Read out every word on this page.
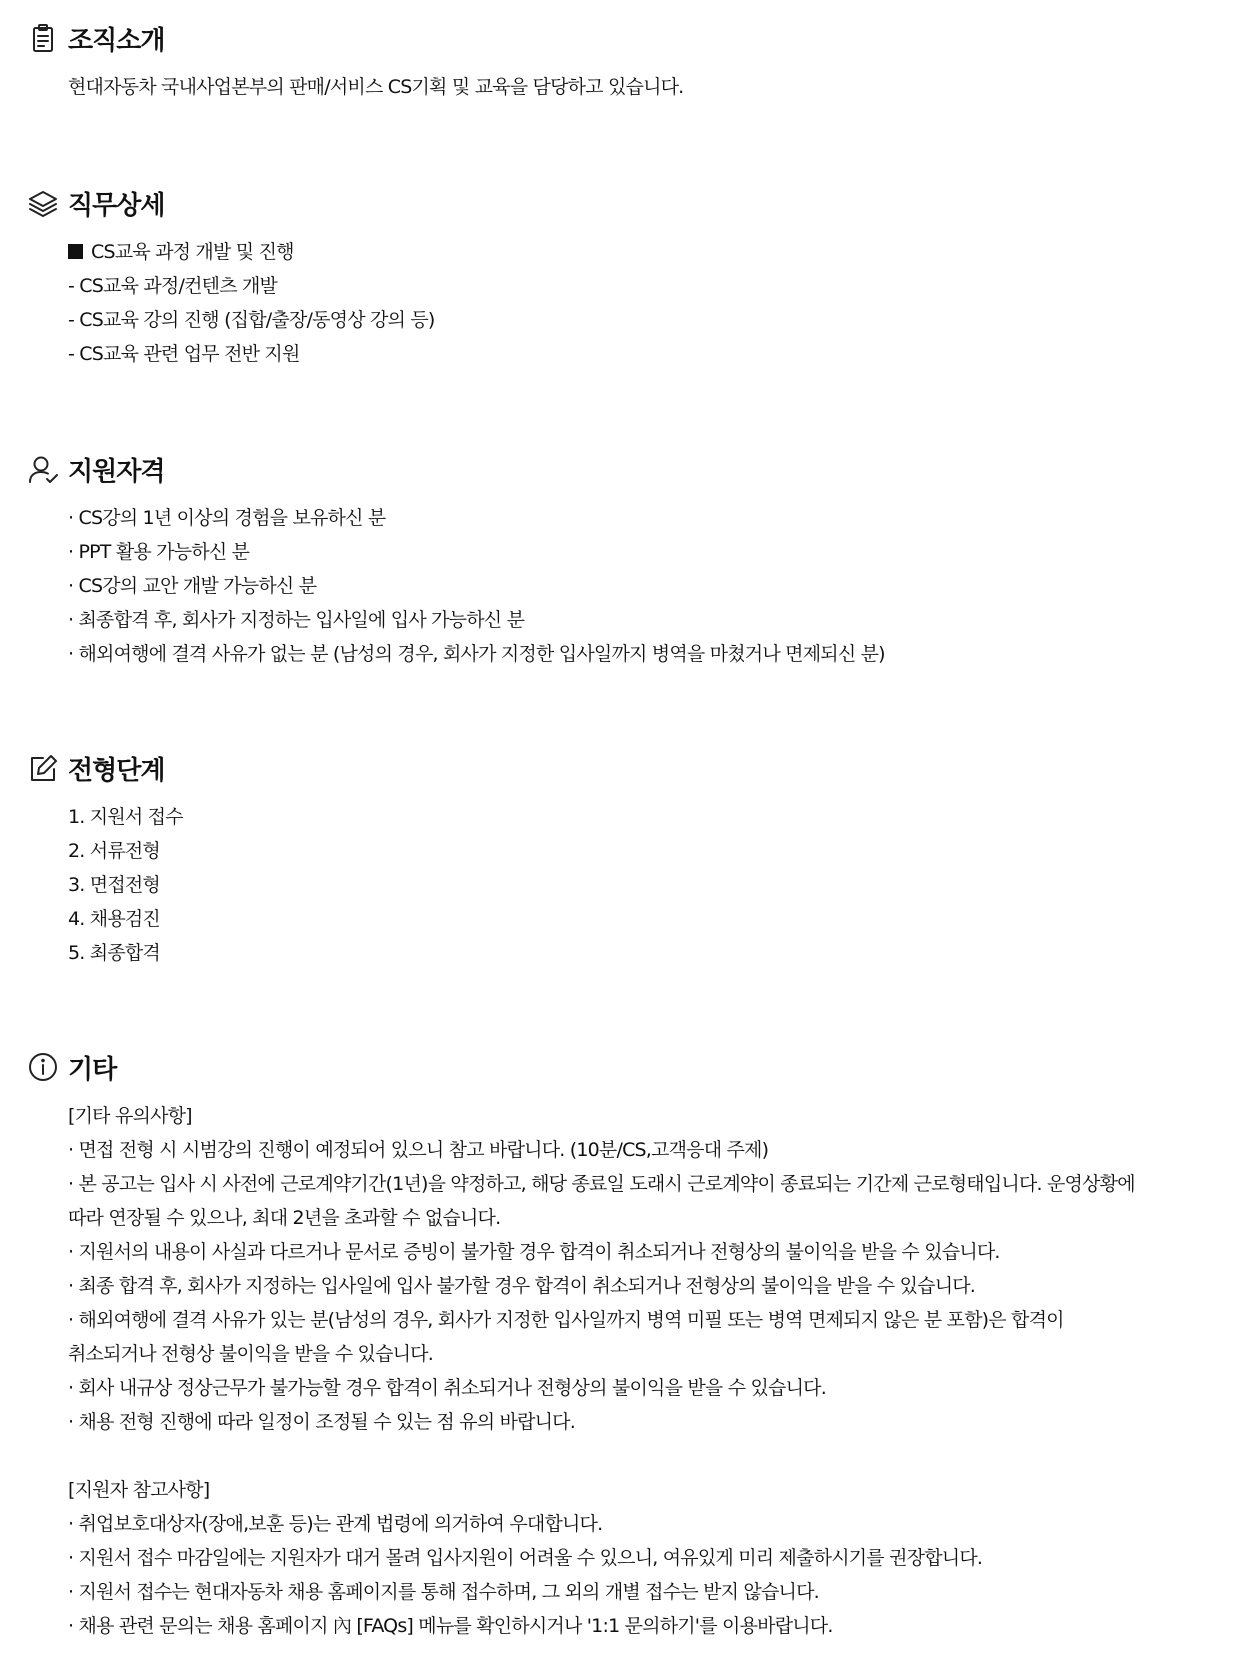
조직소개

현대자동차 국내사업본부의 판매/서비스 CS기획 및 교육을 담당하고 있습니다.

직무상세

CS교육 과정 개발 및 진행

- CS교육 과정/컨텐츠 개발

- CS교육 강의 진행 (집합/출장/동영상 강의 등)

- CS교육 관련 업무 전반 지원

지원자격

· CS강의 1년 이상의 경험을 보유하신 분

· PPT 활용 가능하신 분

· CS강의 교안 개발 가능하신 분

· 최종합격 후, 회사가 지정하는 입사일에 입사 가능하신 분

· 해외여행에 결격 사유가 없는 분 (남성의 경우, 회사가 지정한 입사일까지 병역을 마쳤거나 면제되신 분)

전형단계

1. 지원서 접수

2. 서류전형

3. 면접전형

4. 채용검진

5. 최종합격

기타

[기타 유의사항]

· 면접 전형 시 시범강의 진행이 예정되어 있으니 참고 바랍니다. (10분/CS,고객응대 주제)

· 본 공고는 입사 시 사전에 근로계약기간(1년)을 약정하고, 해당 종료일 도래시 근로계약이 종료되는 기간제 근로형태입니다. 운영상황에

따라 연장될 수 있으나, 최대 2년을 초과할 수 없습니다.

· 지원서의 내용이 사실과 다르거나 문서로 증빙이 불가할 경우 합격이 취소되거나 전형상의 불이익을 받을 수 있습니다.

· 최종 합격 후, 회사가 지정하는 입사일에 입사 불가할 경우 합격이 취소되거나 전형상의 불이익을 받을 수 있습니다.

· 해외여행에 결격 사유가 있는 분(남성의 경우, 회사가 지정한 입사일까지 병역 미필 또는 병역 면제되지 않은 분 포함)은 합격이

취소되거나 전형상 불이익을 받을 수 있습니다.

· 회사 내규상 정상근무가 불가능할 경우 합격이 취소되거나 전형상의 불이익을 받을 수 있습니다.

· 채용 전형 진행에 따라 일정이 조정될 수 있는 점 유의 바랍니다.

[지원자 참고사항]

· 취업보호대상자(장애,보훈 등)는 관계 법령에 의거하여 우대합니다.

· 지원서 접수 마감일에는 지원자가 대거 몰려 입사지원이 어려울 수 있으니, 여유있게 미리 제출하시기를 권장합니다.

· 지원서 접수는 현대자동차 채용 홈페이지를 통해 접수하며, 그 외의 개별 접수는 받지 않습니다.

· 채용 관련 문의는 채용 홈페이지 內 [FAQs] 메뉴를 확인하시거나 '1:1 문의하기'를 이용바랍니다.
